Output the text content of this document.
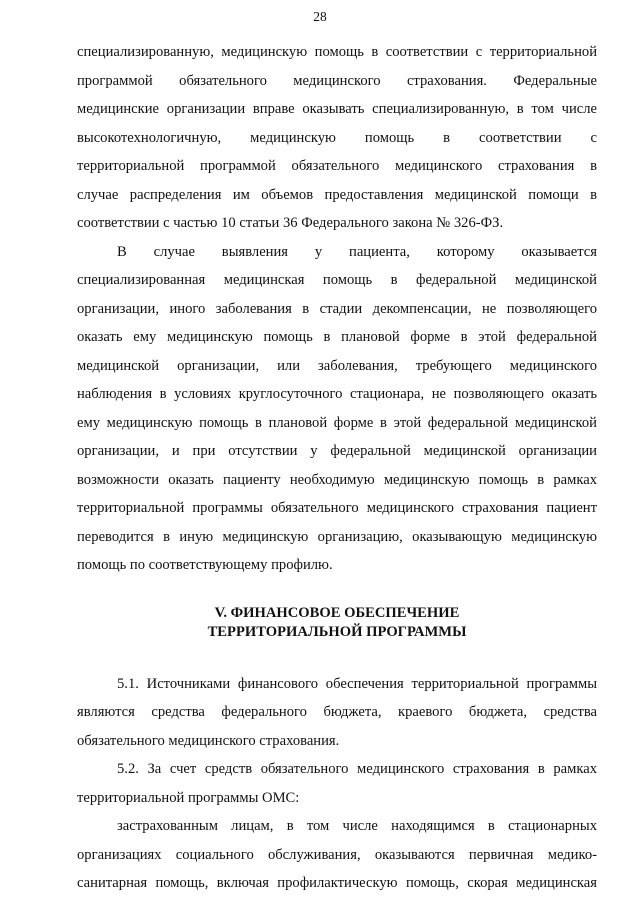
28
специализированную, медицинскую помощь в соответствии с территориальной
программой обязательного медицинского страхования. Федеральные
медицинские организации вправе оказывать специализированную, в том числе
высокотехнологичную, медицинскую помощь в соответствии с
территориальной программой обязательного медицинского страхования в
случае распределения им объемов предоставления медицинской помощи в
соответствии с частью 10 статьи 36 Федерального закона № 326-ФЗ.
В случае выявления у пациента, которому оказывается
специализированная медицинская помощь в федеральной медицинской
организации, иного заболевания в стадии декомпенсации, не позволяющего
оказать ему медицинскую помощь в плановой форме в этой федеральной
медицинской организации, или заболевания, требующего медицинского
наблюдения в условиях круглосуточного стационара, не позволяющего оказать
ему медицинскую помощь в плановой форме в этой федеральной медицинской
организации, и при отсутствии у федеральной медицинской организации
возможности оказать пациенту необходимую медицинскую помощь в рамках
территориальной программы обязательного медицинского страхования пациент
переводится в иную медицинскую организацию, оказывающую медицинскую
помощь по соответствующему профилю.
V. ФИНАНСОВОЕ ОБЕСПЕЧЕНИЕ
ТЕРРИТОРИАЛЬНОЙ ПРОГРАММЫ
5.1. Источниками финансового обеспечения территориальной программы
являются средства федерального бюджета, краевого бюджета, средства
обязательного медицинского страхования.
5.2. За счет средств обязательного медицинского страхования в рамках
территориальной программы ОМС:
застрахованным лицам, в том числе находящимся в стационарных
организациях социального обслуживания, оказываются первичная медико-
санитарная помощь, включая профилактическую помощь, скорая медицинская
